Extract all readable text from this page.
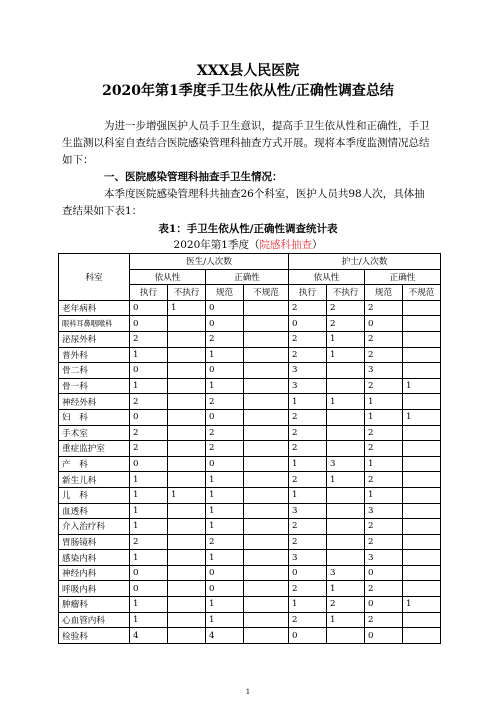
XXX县人民医院
2020年第1季度手卫生依从性/正确性调查总结
为进一步增强医护人员手卫生意识，提高手卫生依从性和正确性，手卫生监测以科室自查结合医院感染管理科抽查方式开展。现将本季度监测情况总结如下：
一、医院感染管理科抽查手卫生情况：
本季度医院感染管理科共抽查26个科室，医护人员共98人次，具体抽查结果如下表1：
表1：手卫生依从性/正确性调查统计表
2020年第1季度（院感科抽查）
科室	医生/人次数				护士/人次数			
	依从性		正确性		依从性		正确性	
	执行	不执行	规范	不规范	执行	不执行	规范	不规范
老年病科	0	1	0		2	2	2	
眼科耳鼻咽喉科	0		0		0	2	0	
泌尿外科	2		2		2	1	2	
普外科	1		1		2	1	2	
骨二科	0		0		3		3	
骨一科	1		1		3		2	1
神经外科	2		2		1	1	1	
妇　科	0		0		2		1	1
手术室	2		2		2		2	
重症监护室	2		2		2		2	
产　科	0		0		1	3	1	
新生儿科	1		1		2	1	2	
儿　科	1	1	1		1		1	
血透科	1		1		3		3	
介入治疗科	1		1		2		2	
胃肠镜科	2		2		2		2	
感染内科	1		1		3		3	
神经内科	0		0		0	3	0	
呼吸内科	0		0		2	1	2	
肿瘤科	1		1		1	2	0	1
心血管内科	1		1		2	1	2	
检验科	4		4		0		0	
1
